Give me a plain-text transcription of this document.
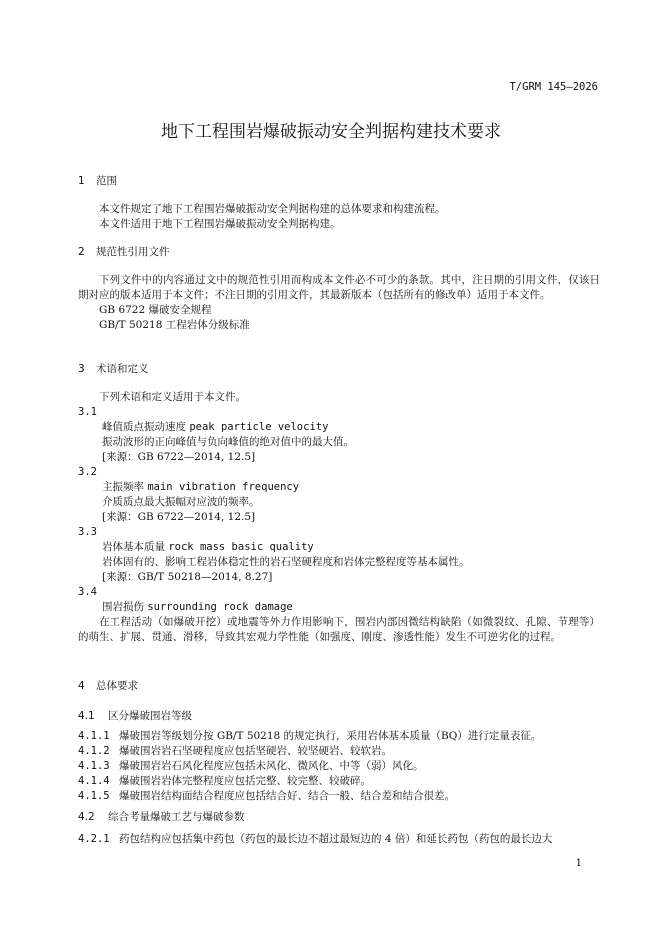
T/GRM 145—2026
地下工程围岩爆破振动安全判据构建技术要求
1 范围
本文件规定了地下工程围岩爆破振动安全判据构建的总体要求和构建流程。
本文件适用于地下工程围岩爆破振动安全判据构建。
2 规范性引用文件
下列文件中的内容通过文中的规范性引用而构成本文件必不可少的条款。其中，注日期的引用文件，仅该日期对应的版本适用于本文件；不注日期的引用文件，其最新版本（包括所有的修改单）适用于本文件。
GB 6722 爆破安全规程
GB/T 50218 工程岩体分级标准
3 术语和定义
下列术语和定义适用于本文件。
3.1
峰值质点振动速度 peak particle velocity
振动波形的正向峰值与负向峰值的绝对值中的最大值。
[来源：GB 6722—2014, 12.5]
3.2
主振频率 main vibration frequency
介质质点最大振幅对应波的频率。
[来源：GB 6722—2014, 12.5]
3.3
岩体基本质量 rock mass basic quality
岩体固有的、影响工程岩体稳定性的岩石坚硬程度和岩体完整程度等基本属性。
[来源：GB/T 50218—2014, 8.27]
3.4
围岩损伤 surrounding rock damage
在工程活动（如爆破开挖）或地震等外力作用影响下，围岩内部因微结构缺陷（如微裂纹、孔隙、节理等）的萌生、扩展、贯通、滑移，导致其宏观力学性能（如强度、刚度、渗透性能）发生不可逆劣化的过程。
4 总体要求
4.1 区分爆破围岩等级
4.1.1 爆破围岩等级划分按 GB/T 50218 的规定执行，采用岩体基本质量（BQ）进行定量表征。
4.1.2 爆破围岩岩石坚硬程度应包括坚硬岩、较坚硬岩、较软岩。
4.1.3 爆破围岩岩石风化程度应包括未风化、微风化、中等（弱）风化。
4.1.4 爆破围岩岩体完整程度应包括完整、较完整、较破碎。
4.1.5 爆破围岩结构面结合程度应包括结合好、结合一般、结合差和结合很差。
4.2 综合考量爆破工艺与爆破参数
4.2.1 药包结构应包括集中药包（药包的最长边不超过最短边的 4 倍）和延长药包（药包的最长边大
1
